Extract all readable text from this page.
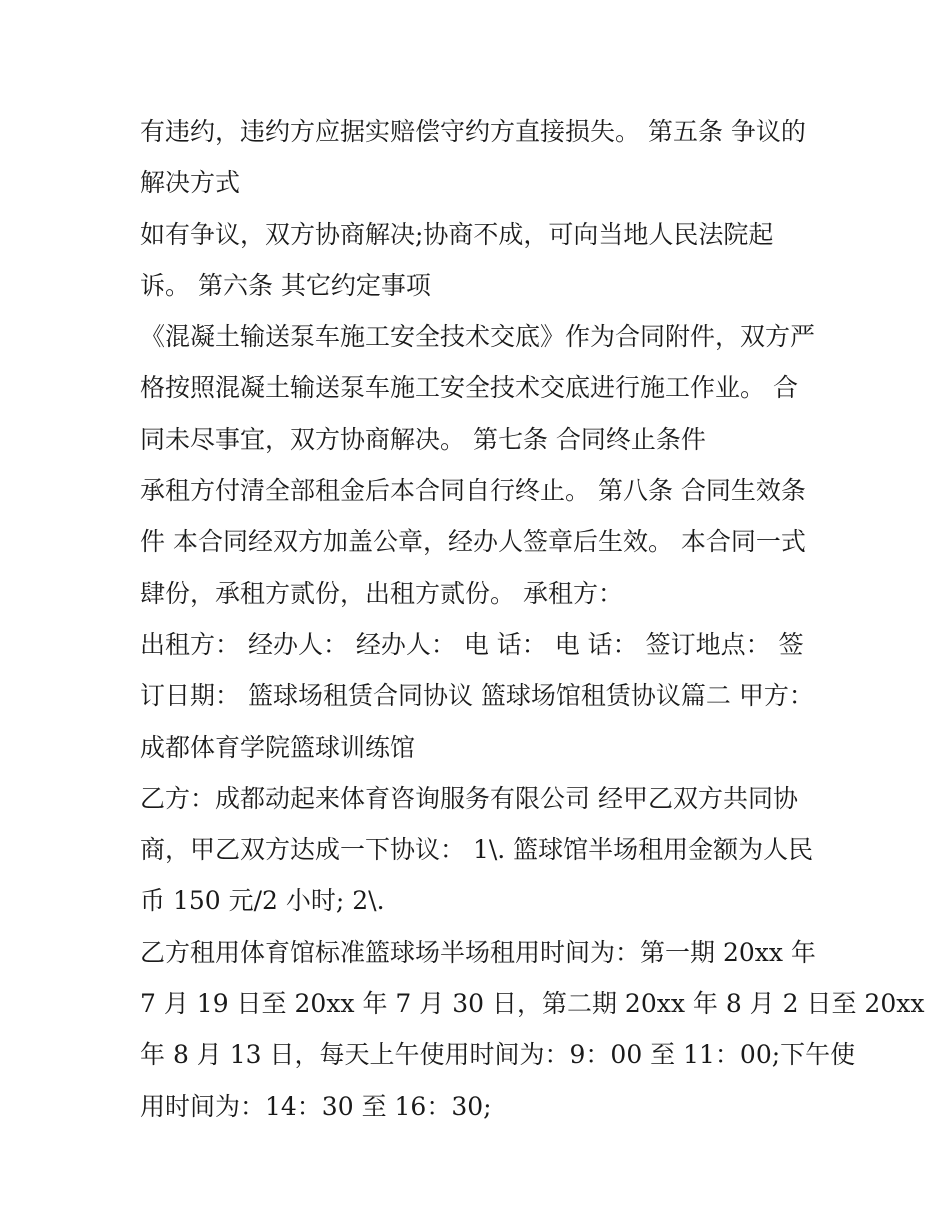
有违约，违约方应据实赔偿守约方直接损失。 第五条 争议的
解决方式
如有争议，双方协商解决;协商不成，可向当地人民法院起
诉。 第六条 其它约定事项
《混凝土输送泵车施工安全技术交底》作为合同附件，双方严
格按照混凝土输送泵车施工安全技术交底进行施工作业。 合
同未尽事宜，双方协商解决。 第七条 合同终止条件
承租方付清全部租金后本合同自行终止。 第八条 合同生效条
件 本合同经双方加盖公章，经办人签章后生效。 本合同一式
肆份，承租方贰份，出租方贰份。 承租方：
出租方： 经办人： 经办人： 电 话： 电 话： 签订地点： 签
订日期： 篮球场租赁合同协议 篮球场馆租赁协议篇二 甲方：
成都体育学院篮球训练馆
乙方：成都动起来体育咨询服务有限公司 经甲乙双方共同协
商，甲乙双方达成一下协议： 1\. 篮球馆半场租用金额为人民
币 150 元/2 小时; 2\.
乙方租用体育馆标准篮球场半场租用时间为：第一期 20xx 年
7 月 19 日至 20xx 年 7 月 30 日，第二期 20xx 年 8 月 2 日至 20xx
年 8 月 13 日，每天上午使用时间为：9：00 至 11：00;下午使
用时间为：14：30 至 16：30;
